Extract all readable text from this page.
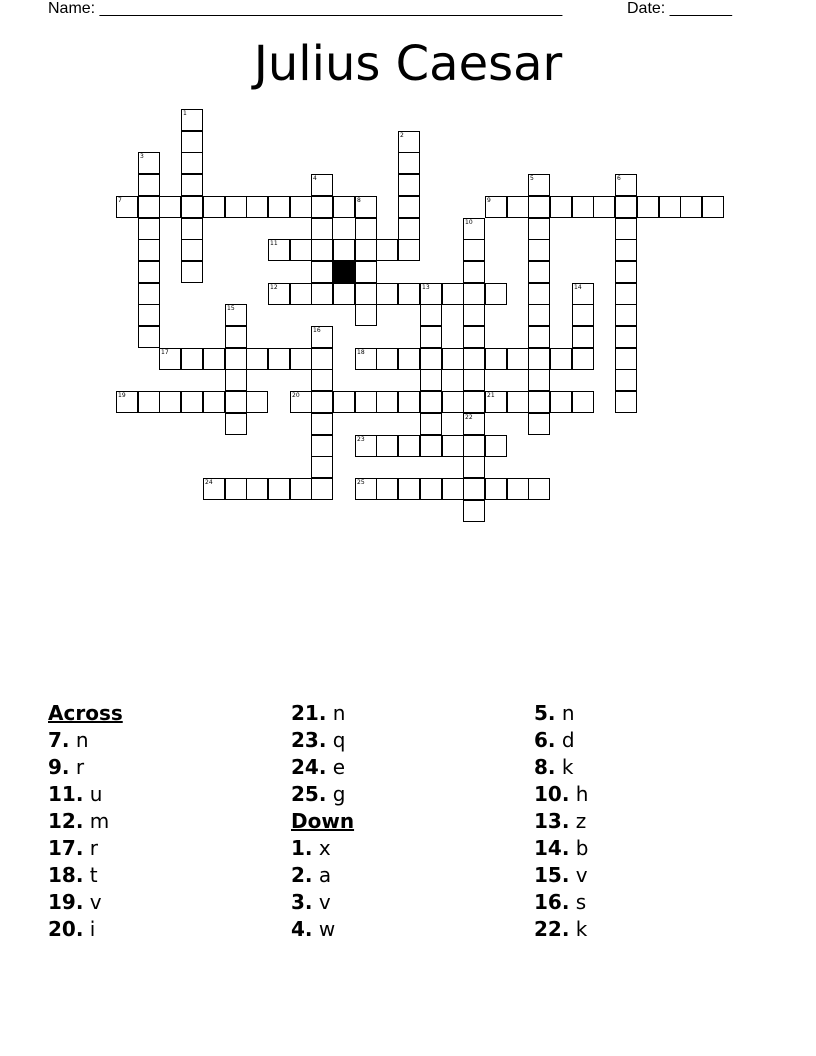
Name: ____________________________________________________	Date: _______
Julius Caesar
1
2
3
4	5	6
8
10
22
13	14
15
16
7	9
11
12
17	18
19	20	21
23
24	25
Across
7. n
9. r
11. u
12. m
17. r
18. t
19. v
20. i
21. n
23. q
24. e
25. g
Down
1. x
2. a
3. v
4. w
5. n
6. d
8. k
10. h
13. z
14. b
15. v
16. s
22. k
